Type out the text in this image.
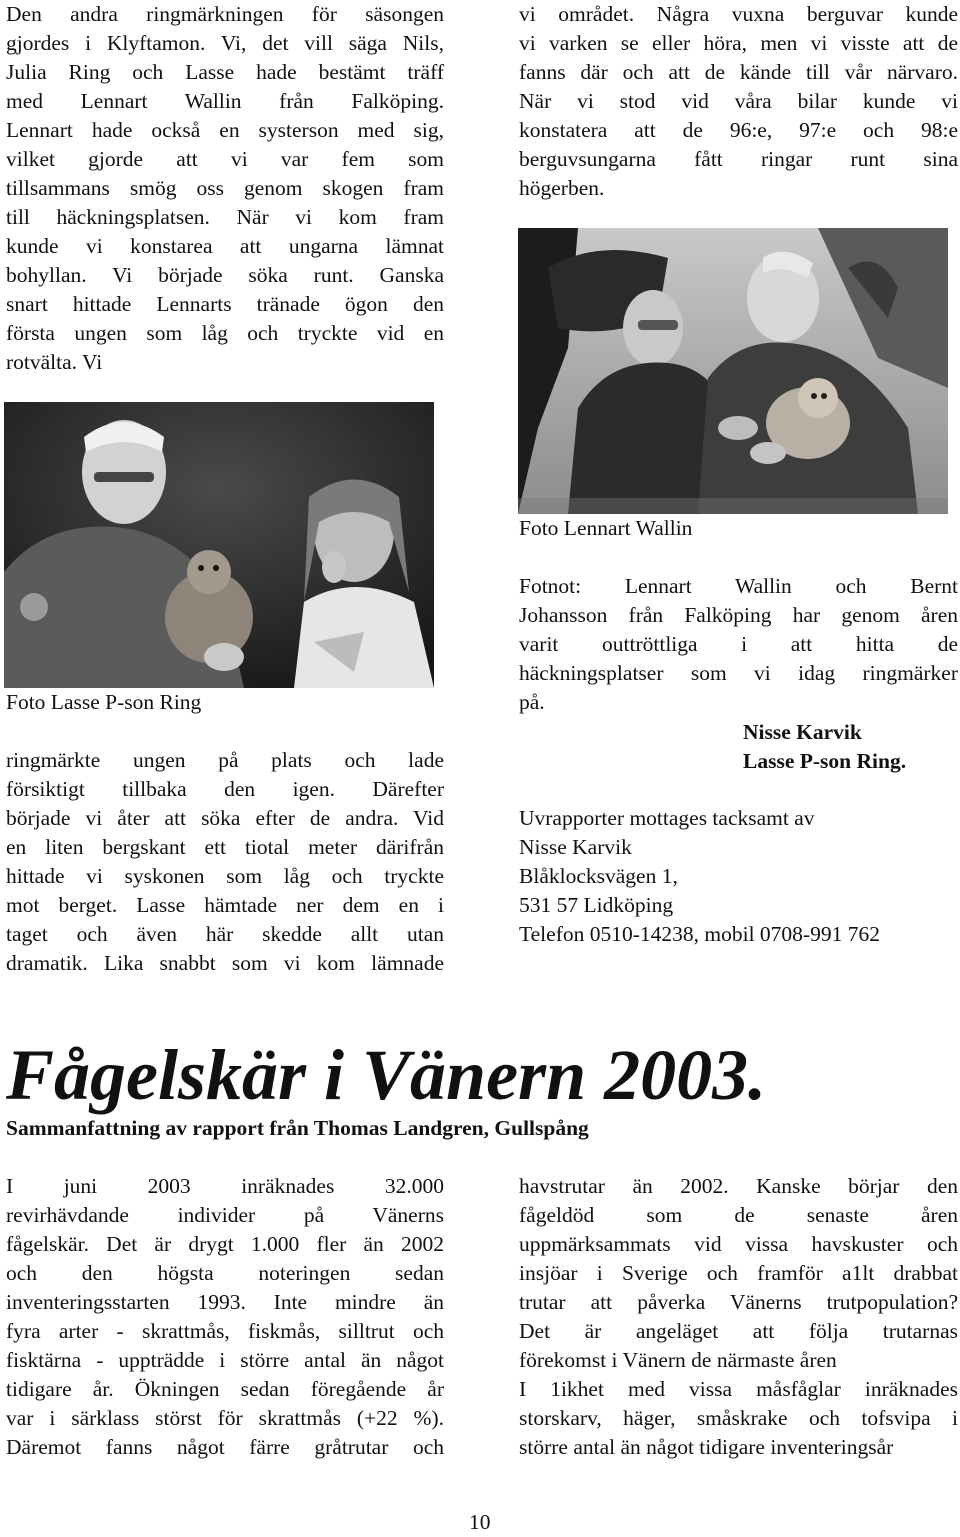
Den andra ringmärkningen för säsongen

gjordes i Klyftamon. Vi, det vill säga Nils,

Julia Ring och Lasse hade bestämt träff

med Lennart Wallin från Falköping.

Lennart hade också en systerson med sig,

vilket gjorde att vi var fem som

tillsammans smög oss genom skogen fram

till häckningsplatsen. När vi kom fram

kunde vi konstarea att ungarna lämnat

bohyllan. Vi började söka runt. Ganska

snart hittade Lennarts tränade ögon den

första ungen som låg och tryckte vid en

rotvälta. Vi

vi området. Några vuxna berguvar kunde

vi varken se eller höra, men vi visste att de

fanns där och att de kände till vår närvaro.

När vi stod vid våra bilar kunde vi

konstatera att de 96:e, 97:e och 98:e

berguvsungarna fått ringar runt sina

högerben.

Foto Lennart Wallin
Foto Lasse P-son Ring

ringmärkte ungen på plats och lade

försiktigt tillbaka den igen. Därefter

började vi åter att söka efter de andra. Vid

en liten bergskant ett tiotal meter därifrån

hittade vi syskonen som låg och tryckte

mot berget. Lasse hämtade ner dem en i

taget och även här skedde allt utan

dramatik. Lika snabbt som vi kom lämnade

Fotnot: Lennart Wallin och Bernt

Johansson från Falköping har genom åren

varit outtröttliga i att hitta de

häckningsplatser som vi idag ringmärker

på.

Nisse Karvik
Lasse P-son Ring.

Uvrapporter mottages tacksamt av

Nisse Karvik

Blåklocksvägen 1,

531 57 Lidköping

Telefon 0510-14238, mobil 0708-991 762

Fågelskär i Vänern 2003.
Sammanfattning av rapport från Thomas Landgren, Gullspång

I juni 2003 inräknades 32.000

revirhävdande individer på Vänerns

fågelskär. Det är drygt 1.000 fler än 2002

och den högsta noteringen sedan

inventeringsstarten 1993. Inte mindre än

fyra arter - skrattmås, fiskmås, silltrut och

fisktärna - uppträdde i större antal än något

tidigare år. Ökningen sedan föregående år

var i särklass störst för skrattmås (+22 %).

Däremot fanns något färre gråtrutar och

havstrutar än 2002. Kanske börjar den

fågeldöd som de senaste åren

uppmärksammats vid vissa havskuster och

insjöar i Sverige och framför a1lt drabbat

trutar att påverka Vänerns trutpopulation?

Det är angeläget att följa trutarnas

förekomst i Vänern de närmaste åren

I 1ikhet med vissa måsfåglar inräknades

storskarv, häger, småskrake och tofsvipa i

större antal än något tidigare inventeringsår

10
